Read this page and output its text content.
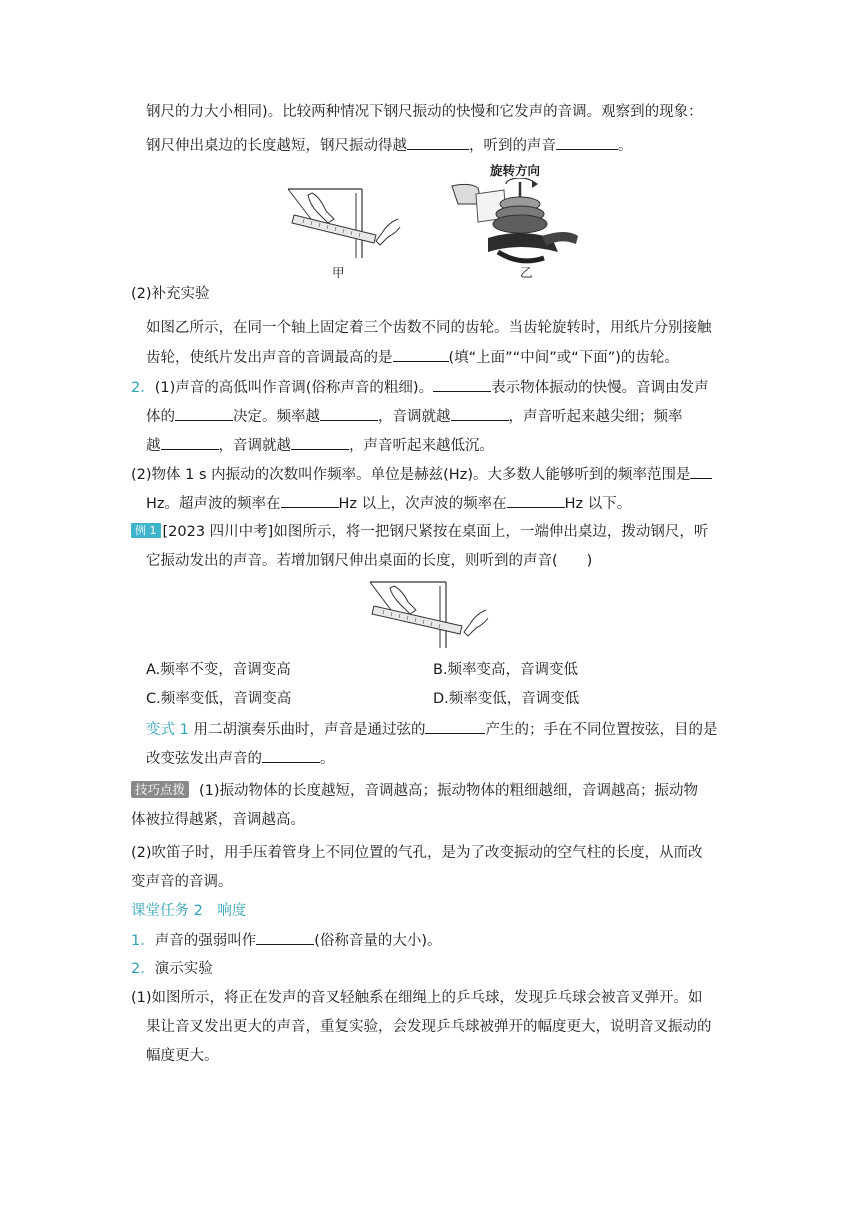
钢尺的力大小相同)。比较两种情况下钢尺振动的快慢和它发声的音调。观察到的现象：
钢尺伸出桌边的长度越短，钢尺振动得越	，听到的声音	。
甲
旋转方向
乙
(2)补充实验
如图乙所示，在同一个轴上固定着三个齿数不同的齿轮。当齿轮旋转时，用纸片分别接触
齿轮，使纸片发出声音的音调最高的是	(填“上面”“中间”或“下面”)的齿轮。
2．(1)声音的高低叫作音调(俗称声音的粗细)。	表示物体振动的快慢。音调由发声
体的	决定。频率越	，音调就越	，声音听起来越尖细；频率
越	，音调就越	，声音听起来越低沉。
(2)物体 1 s 内振动的次数叫作频率。单位是赫兹(Hz)。大多数人能够听到的频率范围是
Hz。超声波的频率在	Hz 以上，次声波的频率在	Hz 以下。
例 1 [2023 四川中考]如图所示，将一把钢尺紧按在桌面上，一端伸出桌边，拨动钢尺，听
它振动发出的声音。若增加钢尺伸出桌面的长度，则听到的声音(　　)
A.频率不变，音调变高	B.频率变高，音调变低
C.频率变低，音调变高	D.频率变低，音调变低
变式 1 用二胡演奏乐曲时，声音是通过弦的	产生的；手在不同位置按弦，目的是
改变弦发出声音的	。
技巧点拨 (1)振动物体的长度越短，音调越高；振动物体的粗细越细，音调越高；振动物
体被拉得越紧，音调越高。
(2)吹笛子时，用手压着管身上不同位置的气孔，是为了改变振动的空气柱的长度，从而改
变声音的音调。
课堂任务 2　响度
1．声音的强弱叫作	(俗称音量的大小)。
2．演示实验
(1)如图所示，将正在发声的音叉轻触系在细绳上的乒乓球，发现乒乓球会被音叉弹开。如
果让音叉发出更大的声音，重复实验，会发现乒乓球被弹开的幅度更大，说明音叉振动的
幅度更大。
